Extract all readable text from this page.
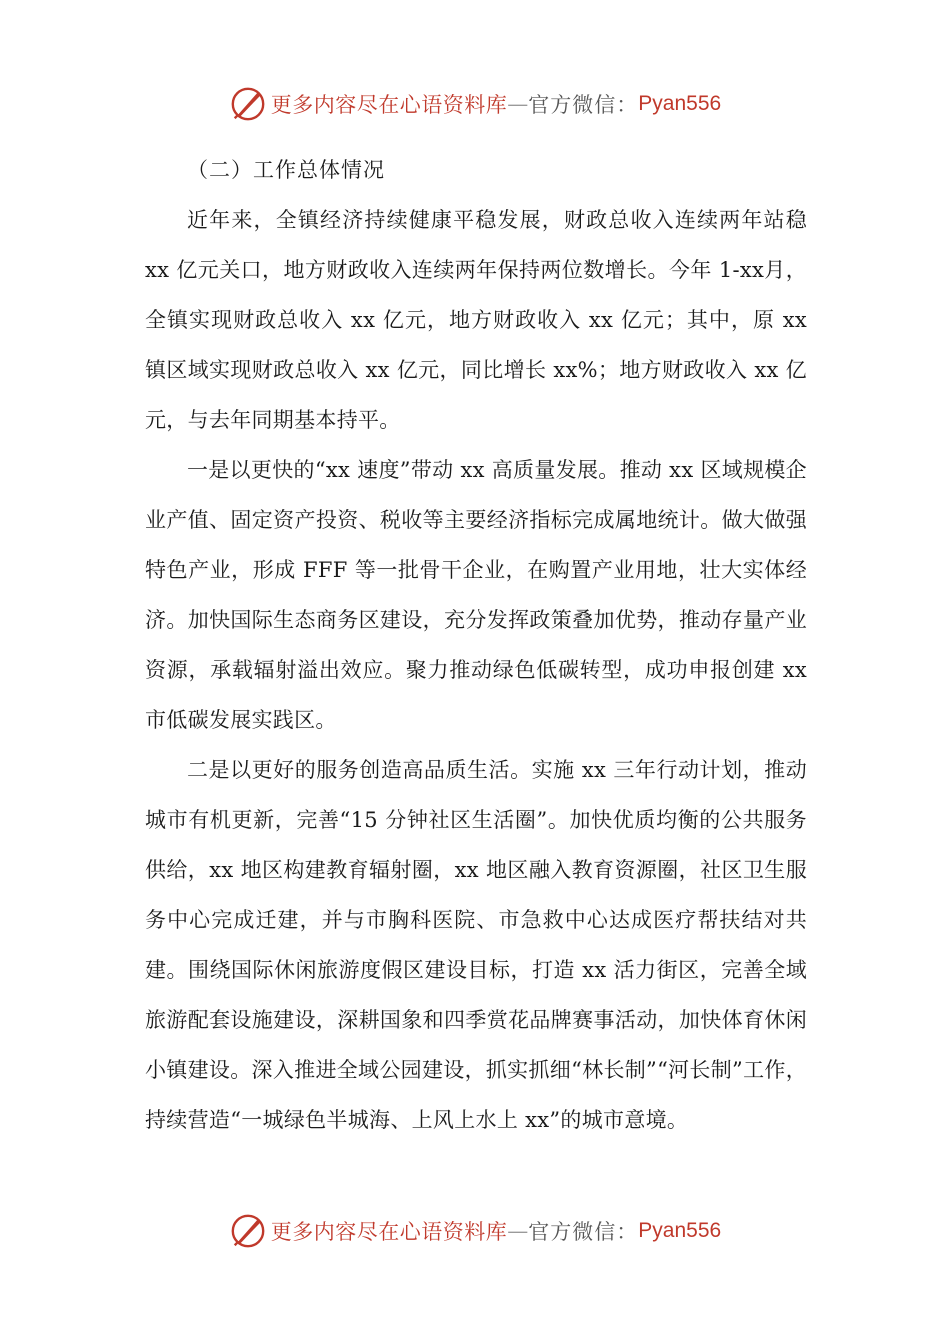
更多内容尽在心语资料库 — 官方微信： Pyan556
（二）工作总体情况

近年来，全镇经济持续健康平稳发展，财政总收入连续两年站稳 xx 亿元关口，地方财政收入连续两年保持两位数增长。今年 1-xx月，全镇实现财政总收入 xx 亿元，地方财政收入 xx 亿元；其中，原 xx 镇区域实现财政总收入 xx 亿元，同比增长 xx%；地方财政收入 xx 亿元，与去年同期基本持平。

一是以更快的“xx 速度”带动 xx 高质量发展。推动 xx 区域规模企业产值、固定资产投资、税收等主要经济指标完成属地统计。做大做强特色产业，形成 FFF 等一批骨干企业，在购置产业用地，壮大实体经济。加快国际生态商务区建设，充分发挥政策叠加优势，推动存量产业资源，承载辐射溢出效应。聚力推动绿色低碳转型，成功申报创建 xx 市低碳发展实践区。

二是以更好的服务创造高品质生活。实施 xx 三年行动计划，推动城市有机更新，完善“15 分钟社区生活圈”。加快优质均衡的公共服务供给，xx 地区构建教育辐射圈，xx 地区融入教育资源圈，社区卫生服务中心完成迁建，并与市胸科医院、市急救中心达成医疗帮扶结对共建。围绕国际休闲旅游度假区建设目标，打造 xx 活力街区，完善全域旅游配套设施建设，深耕国象和四季赏花品牌赛事活动，加快体育休闲小镇建设。深入推进全域公园建设，抓实抓细“林长制”“河长制”工作，持续营造“一城绿色半城海、上风上水上 xx”的城市意境。

更多内容尽在心语资料库 — 官方微信： Pyan556
